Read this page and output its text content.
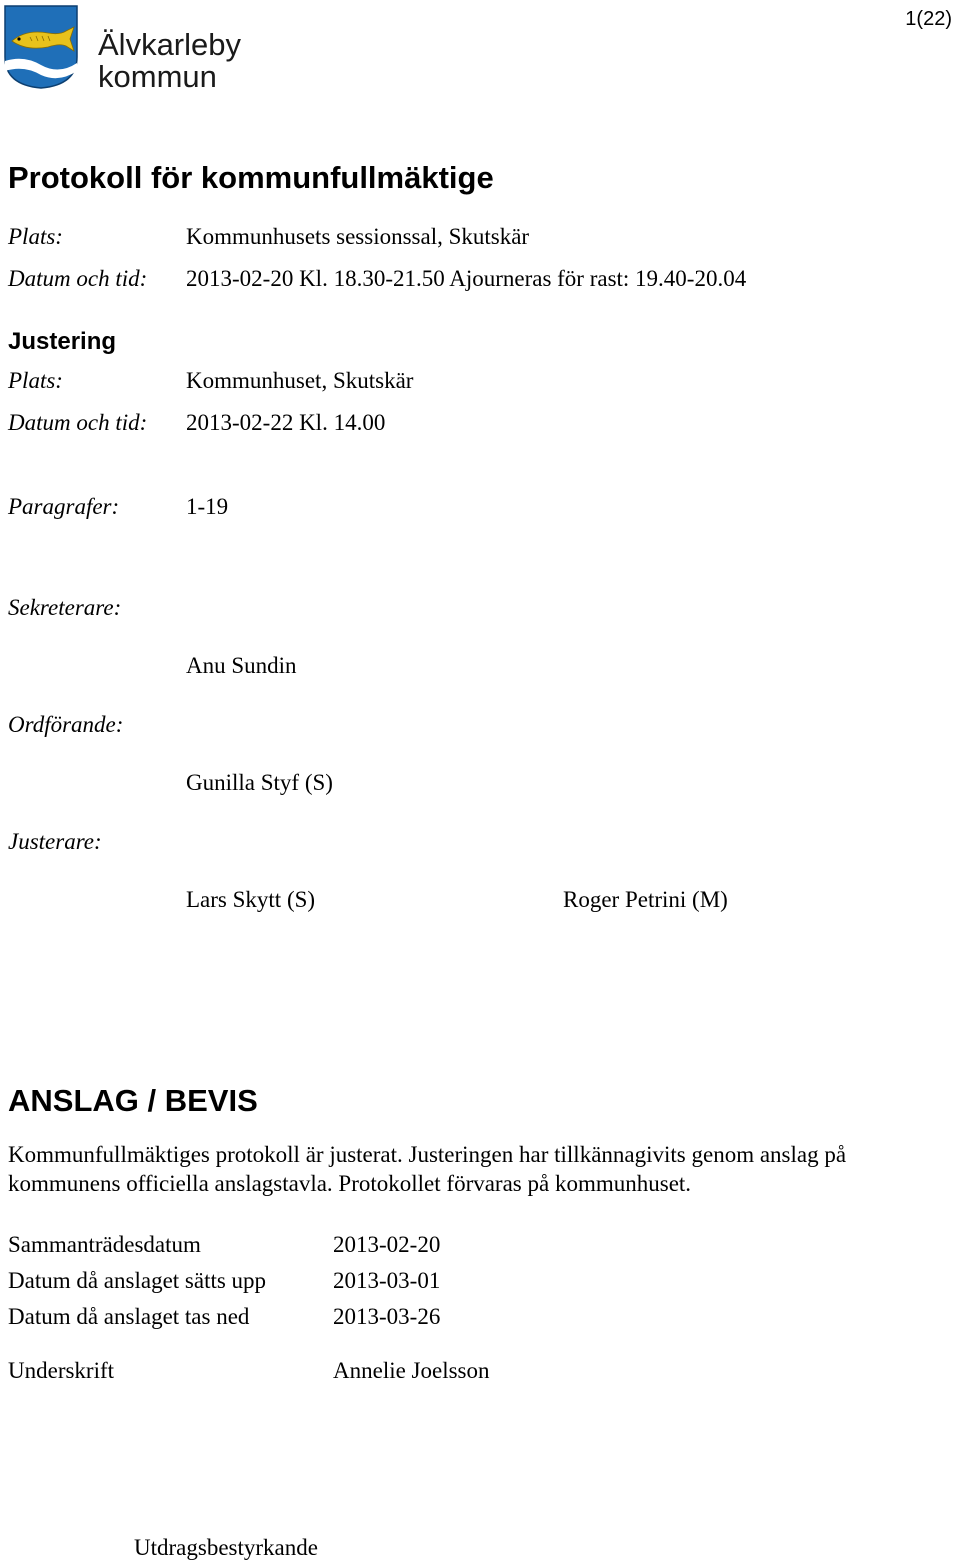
Älvkarleby
kommun
1(22)
Protokoll för kommunfullmäktige
Plats:	Kommunhusets sessionssal, Skutskär
Datum och tid: 2013-02-20 Kl. 18.30-21.50 Ajourneras för rast: 19.40-20.04
Justering
Plats:	Kommunhuset, Skutskär
Datum och tid: 2013-02-22 Kl. 14.00
Paragrafer:	1-19
Sekreterare:
Anu Sundin
Ordförande:
Gunilla Styf (S)
Justerare:
Lars Skytt (S)	Roger Petrini (M)
ANSLAG / BEVIS
Kommunfullmäktiges protokoll är justerat. Justeringen har tillkännagivits genom anslag på kommunens officiella anslagstavla. Protokollet förvaras på kommunhuset.
Sammanträdesdatum	2013-02-20
Datum då anslaget sätts upp	2013-03-01
Datum då anslaget tas ned	2013-03-26
Underskrift	Annelie Joelsson
Utdragsbestyrkande
